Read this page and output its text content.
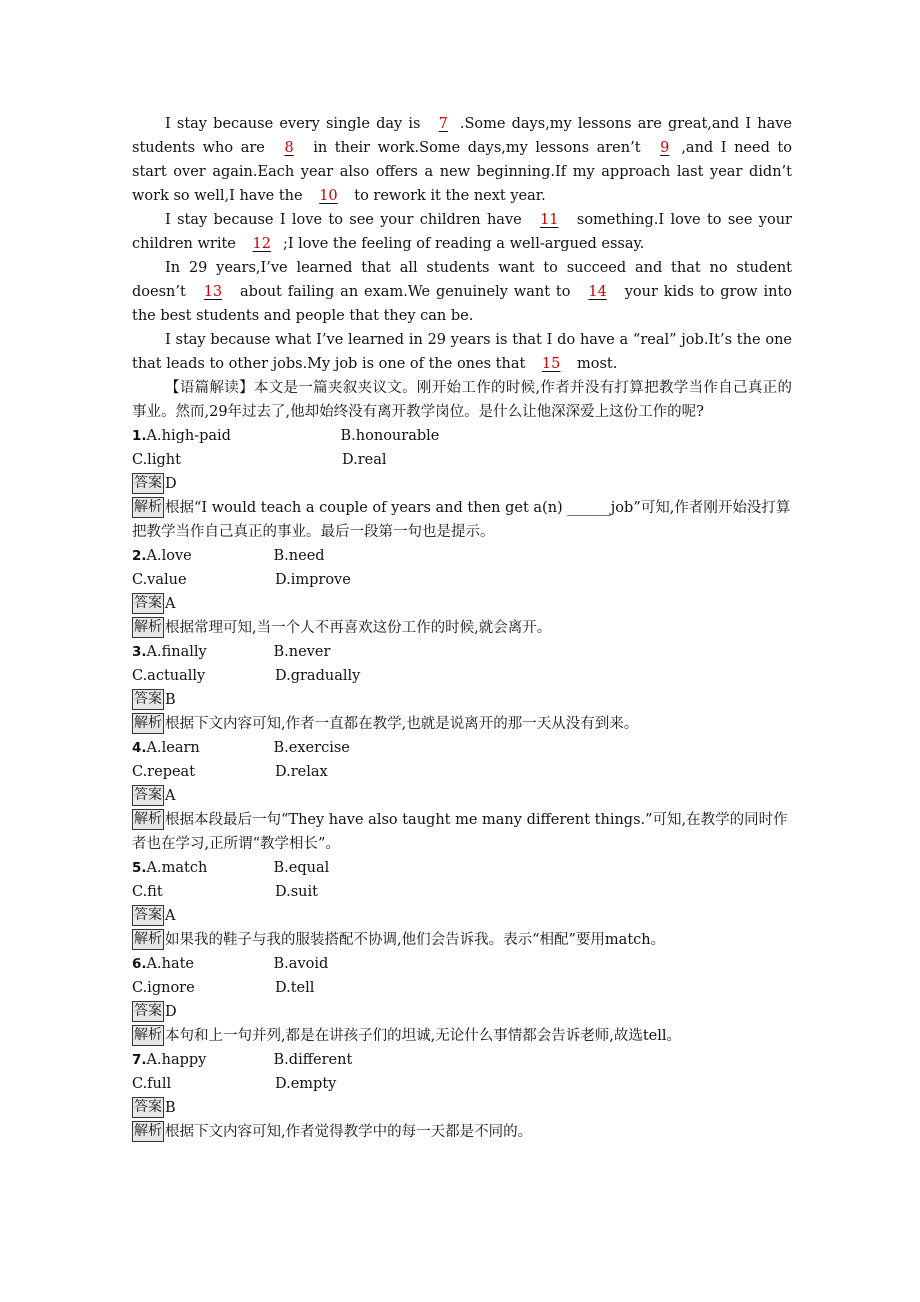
I stay because every single day is 7 .Some days,my lessons are great,and I have students who are 8 in their work.Some days,my lessons aren’t 9 ,and I need to start over again.Each year also offers a new beginning.If my approach last year didn’t work so well,I have the 10 to rework it the next year.

I stay because I love to see your children have 11 something.I love to see your children write 12 ;I love the feeling of reading a well-argued essay.

In 29 years,I’ve learned that all students want to succeed and that no student doesn’t 13 about failing an exam.We genuinely want to 14 your kids to grow into the best students and people that they can be.

I stay because what I’ve learned in 29 years is that I do have a “real” job.It’s the one that leads to other jobs.My job is one of the ones that 15 most.

【语篇解读】本文是一篇夹叙夹议文。刚开始工作的时候,作者并没有打算把教学当作自己真正的事业。然而,29年过去了,他却始终没有离开教学岗位。是什么让他深深爱上这份工作的呢?

1.A.high-paid	B.honourable

C.light	D.real

答案 D

解析 根据“I would teach a couple of years and then get a(n) ______job”可知,作者刚开始没打算把教学当作自己真正的事业。最后一段第一句也是提示。

2.A.love	B.need

C.value	D.improve

答案 A

解析 根据常理可知,当一个人不再喜欢这份工作的时候,就会离开。

3.A.finally	B.never

C.actually	D.gradually

答案 B

解析 根据下文内容可知,作者一直都在教学,也就是说离开的那一天从没有到来。

4.A.learn	B.exercise

C.repeat	D.relax

答案 A

解析 根据本段最后一句“They have also taught me many different things.”可知,在教学的同时作者也在学习,正所谓“教学相长”。

5.A.match	B.equal

C.fit	D.suit

答案 A

解析 如果我的鞋子与我的服装搭配不协调,他们会告诉我。表示“相配”要用match。

6.A.hate	B.avoid

C.ignore	D.tell

答案 D

解析 本句和上一句并列,都是在讲孩子们的坦诚,无论什么事情都会告诉老师,故选tell。

7.A.happy	B.different

C.full	D.empty

答案 B

解析 根据下文内容可知,作者觉得教学中的每一天都是不同的。
